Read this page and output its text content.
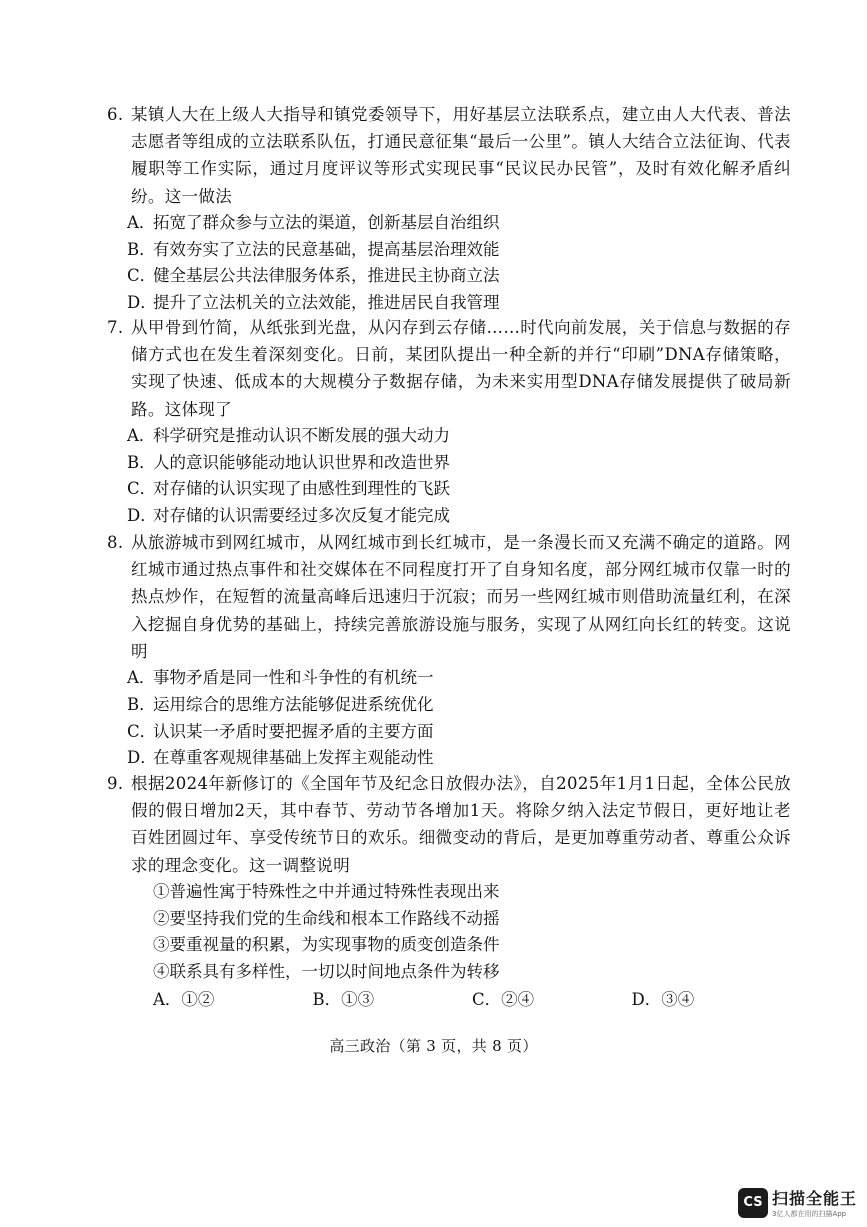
6. 某镇人大在上级人大指导和镇党委领导下，用好基层立法联系点，建立由人大代表、普法志愿者等组成的立法联系队伍，打通民意征集“最后一公里”。镇人大结合立法征询、代表履职等工作实际，通过月度评议等形式实现民事“民议民办民管”，及时有效化解矛盾纠纷。这一做法
A．拓宽了群众参与立法的渠道，创新基层自治组织
B．有效夯实了立法的民意基础，提高基层治理效能
C．健全基层公共法律服务体系，推进民主协商立法
D．提升了立法机关的立法效能，推进居民自我管理
7. 从甲骨到竹简，从纸张到光盘，从闪存到云存储……时代向前发展，关于信息与数据的存储方式也在发生着深刻变化。日前，某团队提出一种全新的并行“印刷”DNA存储策略，实现了快速、低成本的大规模分子数据存储，为未来实用型DNA存储发展提供了破局新路。这体现了
A．科学研究是推动认识不断发展的强大动力
B．人的意识能够能动地认识世界和改造世界
C．对存储的认识实现了由感性到理性的飞跃
D．对存储的认识需要经过多次反复才能完成
8. 从旅游城市到网红城市，从网红城市到长红城市，是一条漫长而又充满不确定的道路。网红城市通过热点事件和社交媒体在不同程度打开了自身知名度，部分网红城市仅靠一时的热点炒作，在短暂的流量高峰后迅速归于沉寂；而另一些网红城市则借助流量红利，在深入挖掘自身优势的基础上，持续完善旅游设施与服务，实现了从网红向长红的转变。这说明
A．事物矛盾是同一性和斗争性的有机统一
B．运用综合的思维方法能够促进系统优化
C．认识某一矛盾时要把握矛盾的主要方面
D．在尊重客观规律基础上发挥主观能动性
9. 根据2024年新修订的《全国年节及纪念日放假办法》，自2025年1月1日起，全体公民放假的假日增加2天，其中春节、劳动节各增加1天。将除夕纳入法定节假日，更好地让老百姓团圆过年、享受传统节日的欢乐。细微变动的背后，是更加尊重劳动者、尊重公众诉求的理念变化。这一调整说明
①普遍性寓于特殊性之中并通过特殊性表现出来
②要坚持我们党的生命线和根本工作路线不动摇
③要重视量的积累，为实现事物的质变创造条件
④联系具有多样性，一切以时间地点条件为转移
A．①②	B．①③	C．②④	D．③④
高三政治（第 3 页，共 8 页）
CS 扫描全能王
3亿人都在用的扫描App
